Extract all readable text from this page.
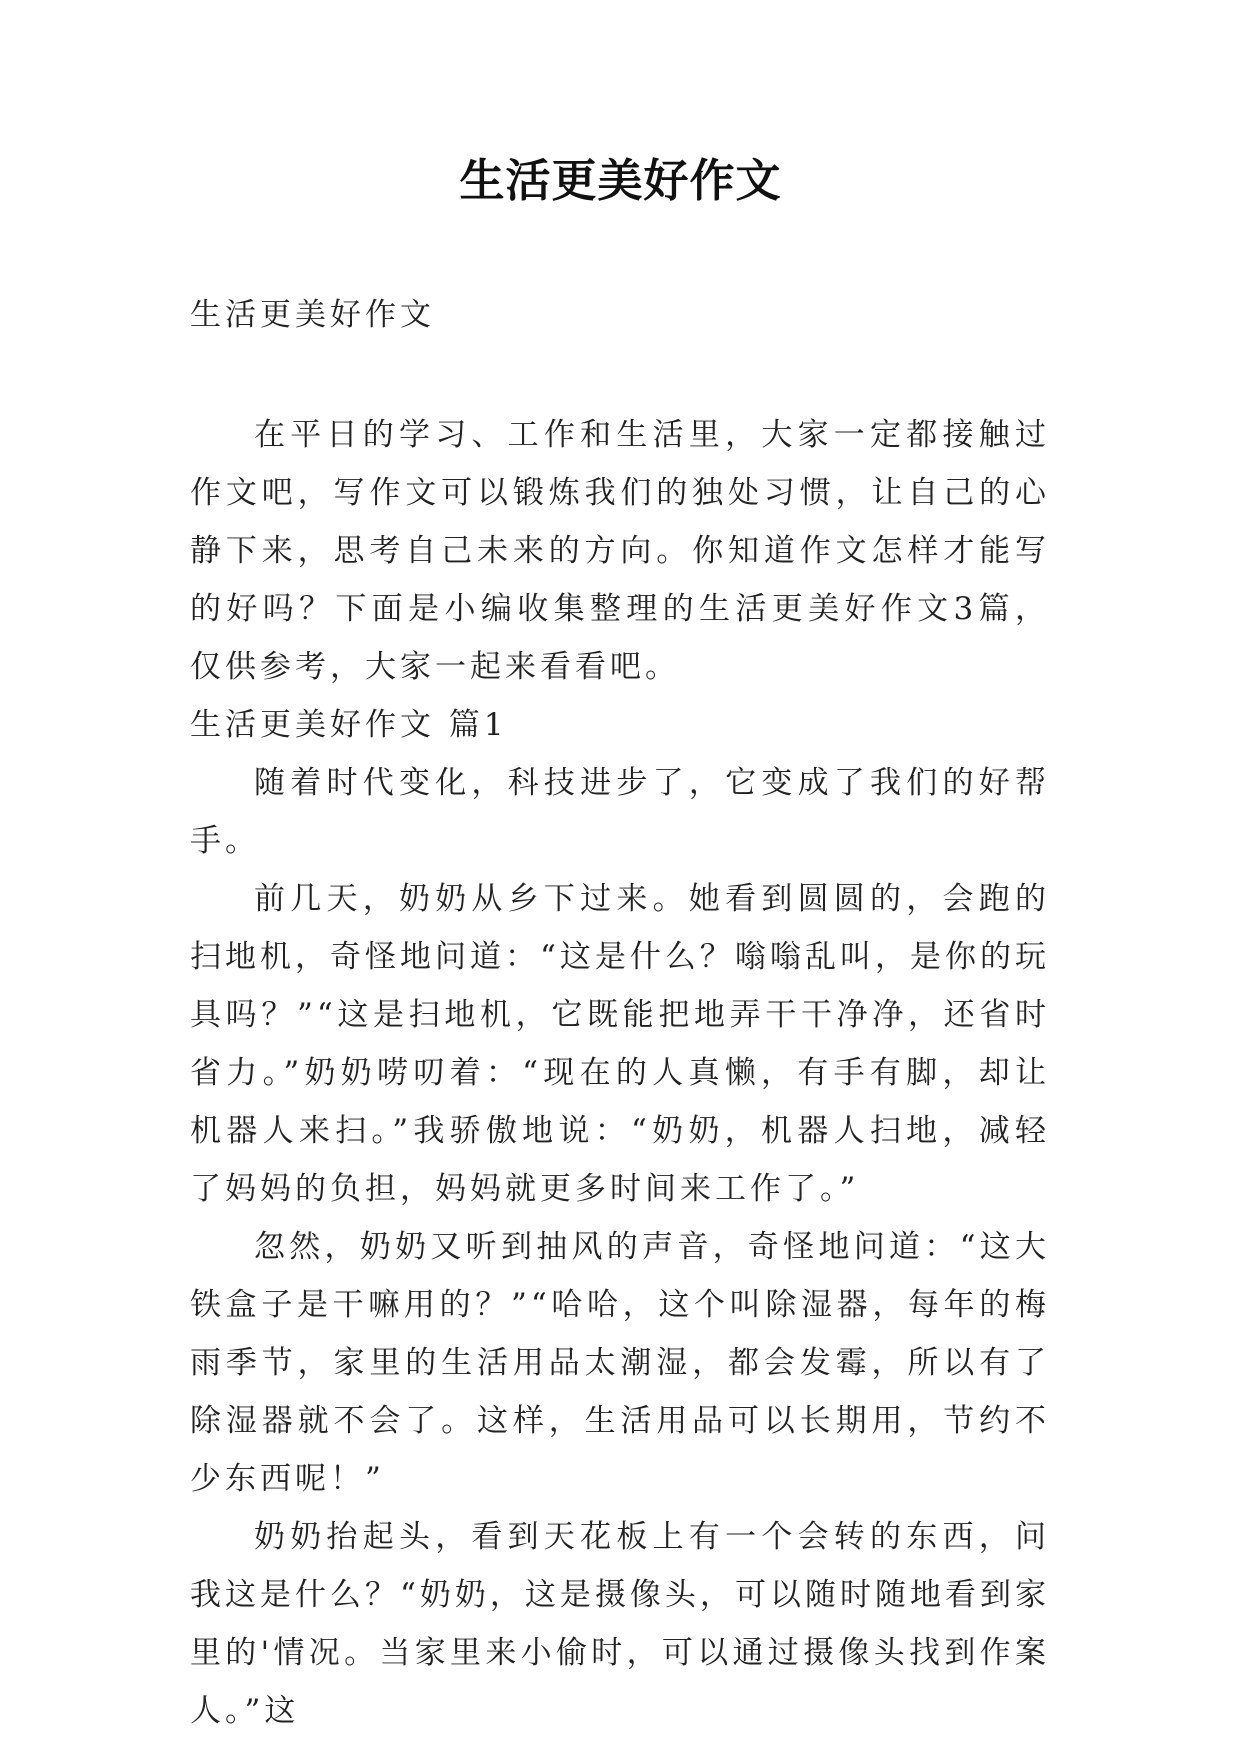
生活更美好作文
生活更美好作文

在平日的学习、工作和生活里，大家一定都接触过作文吧，写作文可以锻炼我们的独处习惯，让自己的心静下来，思考自己未来的方向。你知道作文怎样才能写的好吗？下面是小编收集整理的生活更美好作文3篇，仅供参考，大家一起来看看吧。

生活更美好作文 篇1

随着时代变化，科技进步了，它变成了我们的好帮手。

前几天，奶奶从乡下过来。她看到圆圆的，会跑的扫地机，奇怪地问道：“这是什么？嗡嗡乱叫，是你的玩具吗？”“这是扫地机，它既能把地弄干干净净，还省时省力。”奶奶唠叨着：“现在的人真懒，有手有脚，却让机器人来扫。”我骄傲地说：“奶奶，机器人扫地，减轻了妈妈的负担，妈妈就更多时间来工作了。”

忽然，奶奶又听到抽风的声音，奇怪地问道：“这大铁盒子是干嘛用的？”“哈哈，这个叫除湿器，每年的梅雨季节，家里的生活用品太潮湿，都会发霉，所以有了除湿器就不会了。这样，生活用品可以长期用，节约不少东西呢！”

奶奶抬起头，看到天花板上有一个会转的东西，问我这是什么？“奶奶，这是摄像头，可以随时随地看到家里的'情况。当家里来小偷时，可以通过摄像头找到作案人。”这
